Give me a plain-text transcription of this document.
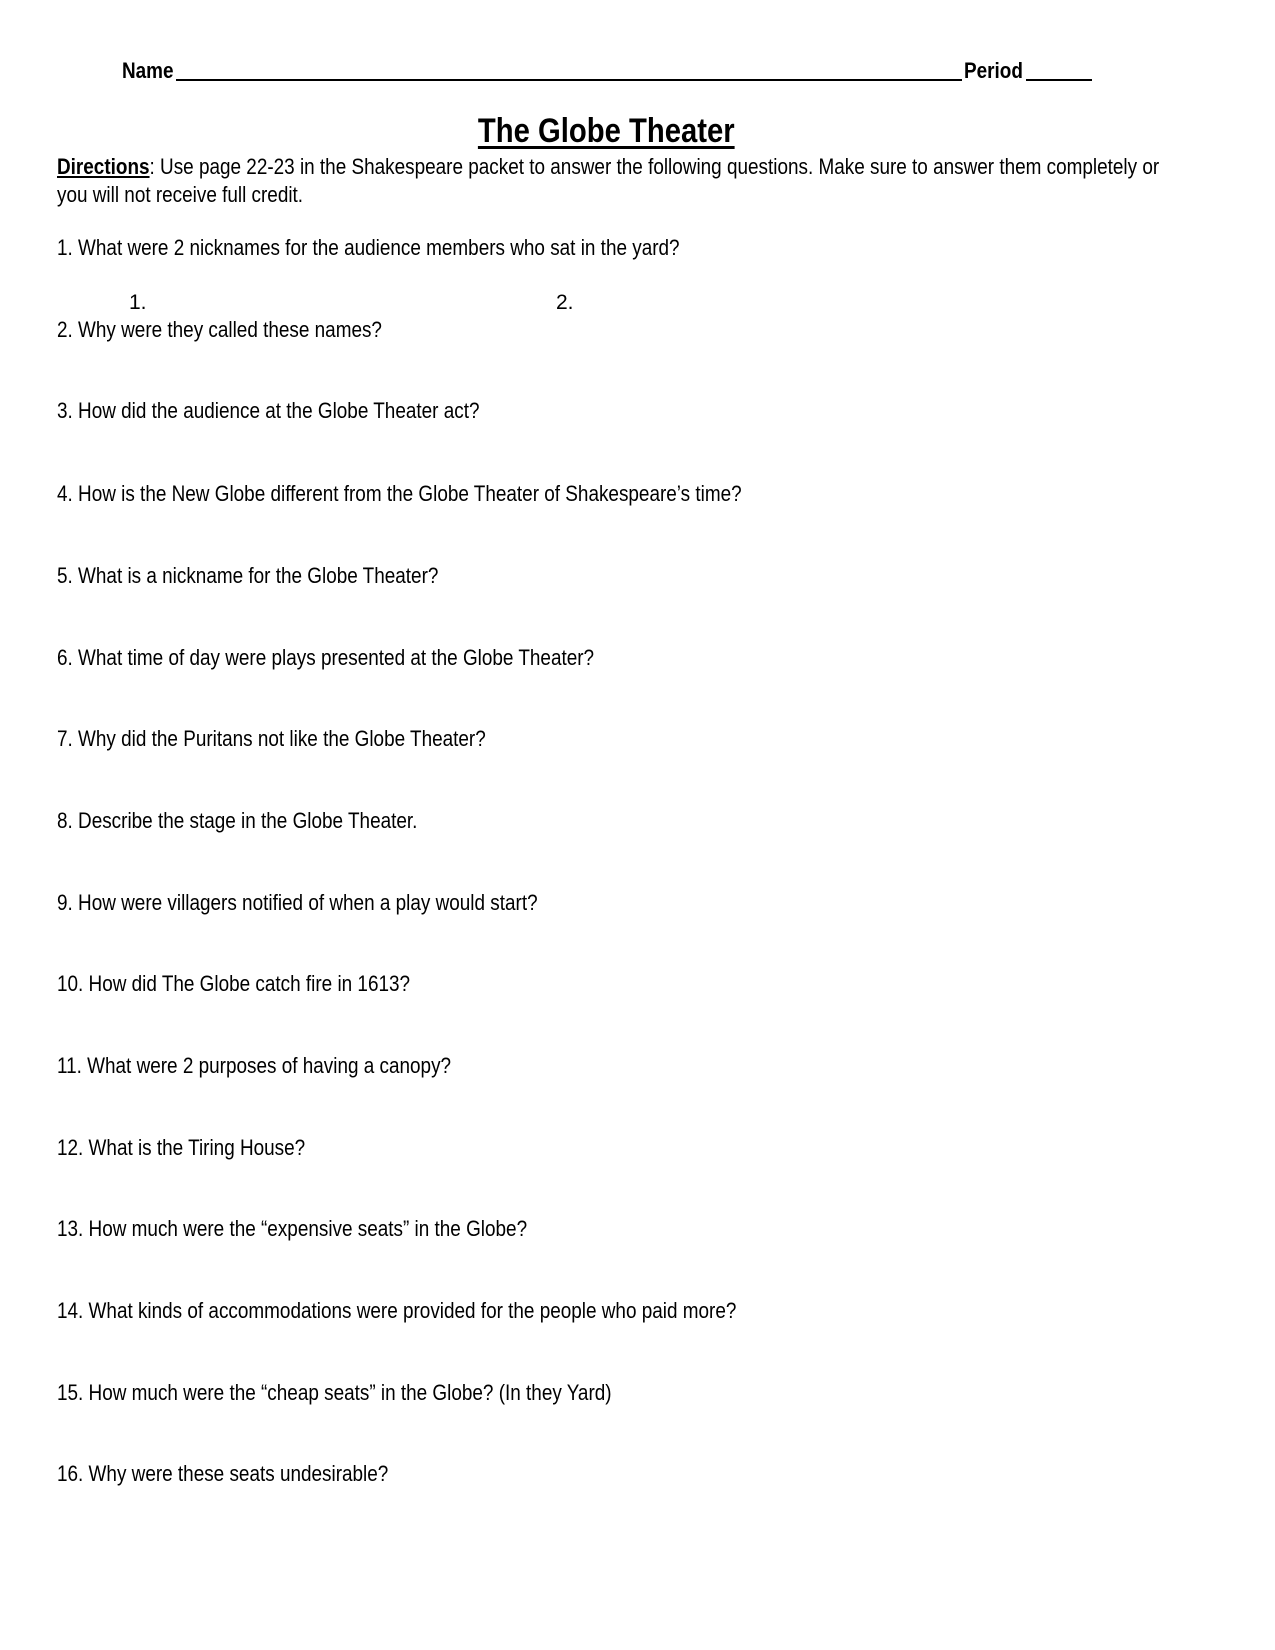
Name	Period
The Globe Theater
Directions: Use page 22-23 in the Shakespeare packet to answer the following questions. Make sure to answer them completely or you will not receive full credit.
1. What were 2 nicknames for the audience members who sat in the yard?
1.	2.
2. Why were they called these names?
3. How did the audience at the Globe Theater act?
4. How is the New Globe different from the Globe Theater of Shakespeare’s time?
5. What is a nickname for the Globe Theater?
6. What time of day were plays presented at the Globe Theater?
7. Why did the Puritans not like the Globe Theater?
8. Describe the stage in the Globe Theater.
9. How were villagers notified of when a play would start?
10. How did The Globe catch fire in 1613?
11. What were 2 purposes of having a canopy?
12. What is the Tiring House?
13. How much were the “expensive seats” in the Globe?
14. What kinds of accommodations were provided for the people who paid more?
15. How much were the “cheap seats” in the Globe? (In they Yard)
16. Why were these seats undesirable?
